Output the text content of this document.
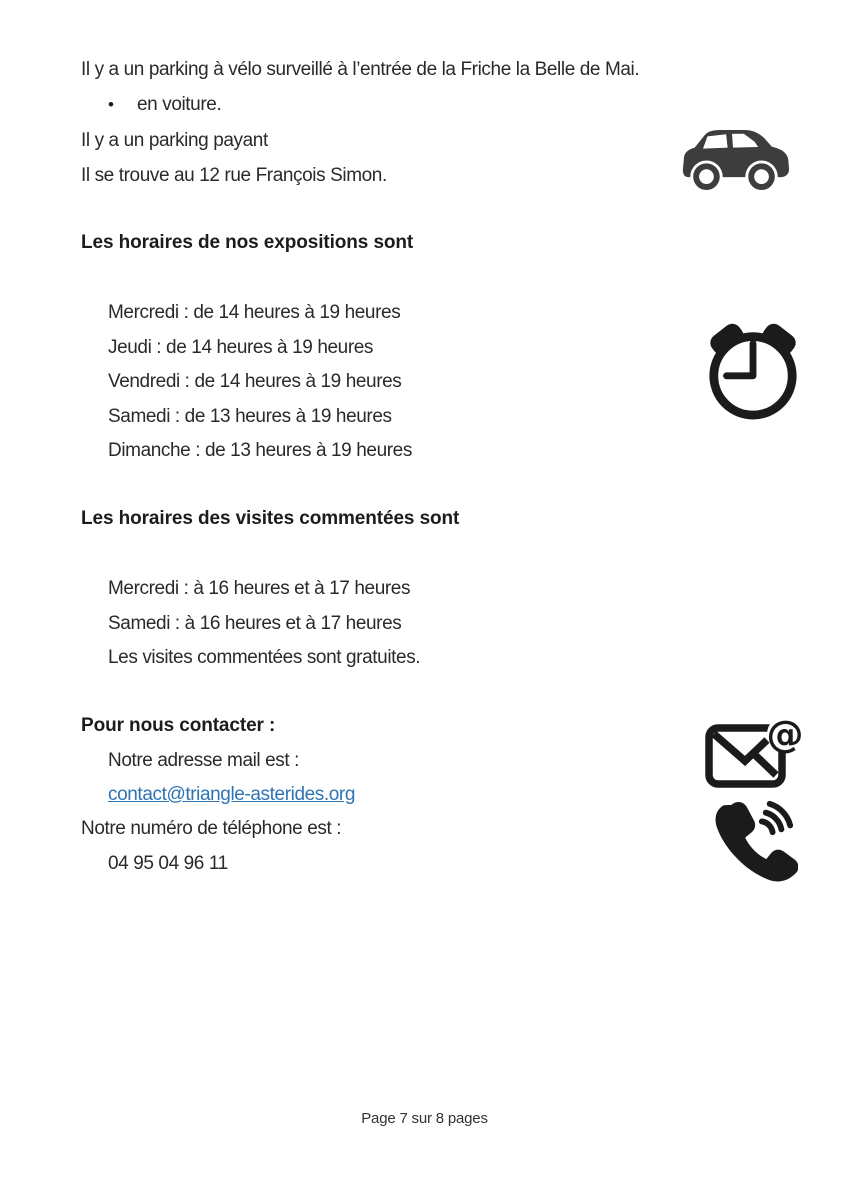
Il y a un parking à vélo surveillé à l’entrée de la Friche la Belle de Mai.

•	en voiture.

Il y a un parking payant

Il se trouve au 12 rue François Simon.

Les horaires de nos expositions sont

Mercredi : de 14 heures à 19 heures

Jeudi : de 14 heures à 19 heures

Vendredi : de 14 heures à 19 heures

Samedi : de 13 heures à 19 heures

Dimanche : de 13 heures à 19 heures

Les horaires des visites commentées sont

Mercredi : à 16 heures et à 17 heures

Samedi : à 16 heures et à 17 heures

Les visites commentées sont gratuites.

Pour nous contacter :

Notre adresse mail est :

contact@triangle-asterides.org

Notre numéro de téléphone est :

04 95 04 96 11

@

Page 7 sur 8 pages
